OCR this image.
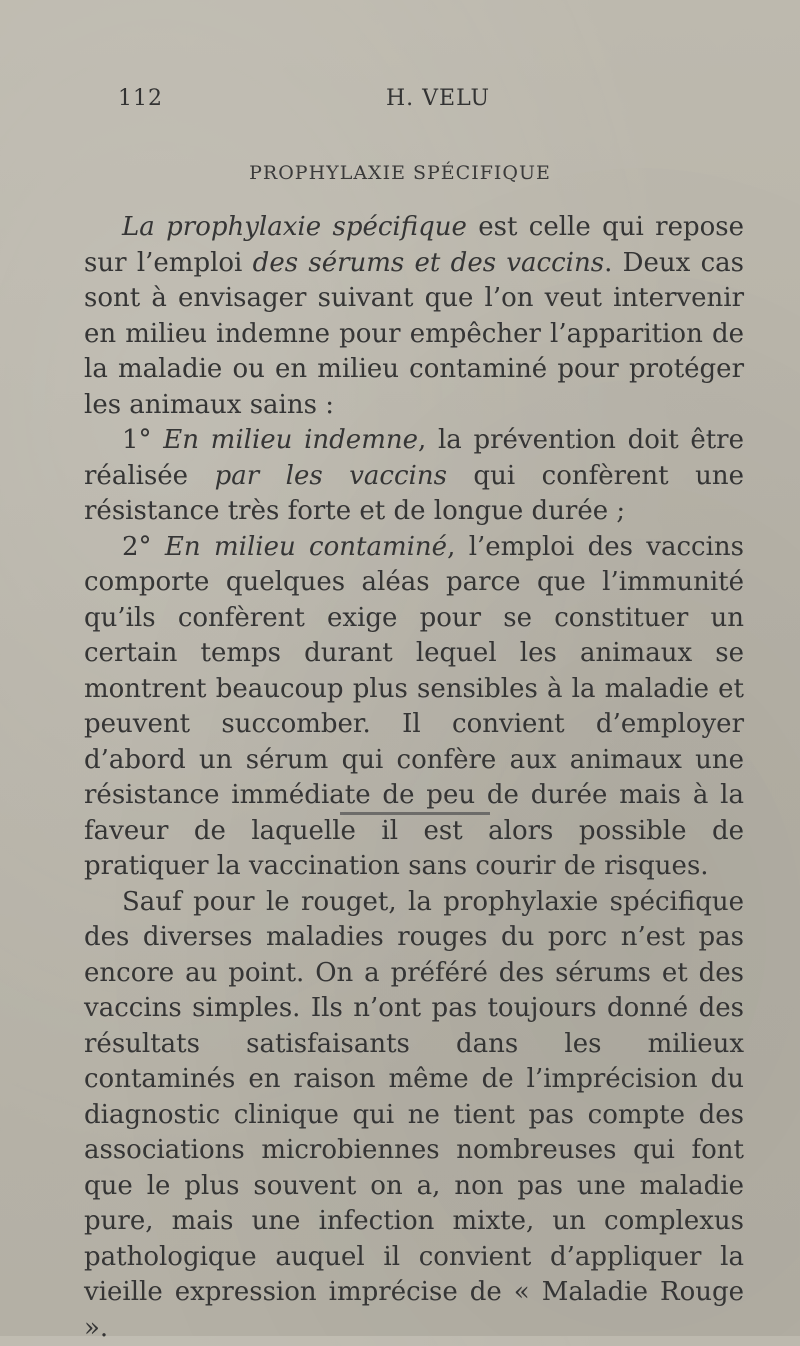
112	H. VELU
PROPHYLAXIE SPÉCIFIQUE

La prophylaxie spécifique est celle qui repose sur l’emploi des sérums et des vaccins. Deux cas sont à envisager suivant que l’on veut intervenir en milieu indemne pour empêcher l’apparition de la maladie ou en milieu contaminé pour protéger les animaux sains :

1° En milieu indemne, la prévention doit être réalisée par les vaccins qui confèrent une résistance très forte et de longue durée ;

2° En milieu contaminé, l’emploi des vaccins comporte quelques aléas parce que l’immunité qu’ils confèrent exige pour se constituer un certain temps durant lequel les animaux se montrent beaucoup plus sensibles à la maladie et peuvent succomber. Il convient d’employer d’abord un sérum qui confère aux animaux une résistance immédiate de peu de durée mais à la faveur de laquelle il est alors possible de pratiquer la vaccination sans courir de risques.

Sauf pour le rouget, la prophylaxie spécifique des diverses maladies rouges du porc n’est pas encore au point. On a préféré des sérums et des vaccins simples. Ils n’ont pas toujours donné des résultats satisfaisants dans les milieux contaminés en raison même de l’imprécision du diagnostic clinique qui ne tient pas compte des associations microbiennes nombreuses qui font que le plus souvent on a, non pas une maladie pure, mais une infection mixte, un complexus pathologique auquel il convient d’appliquer la vieille expression imprécise de « Maladie Rouge ».
